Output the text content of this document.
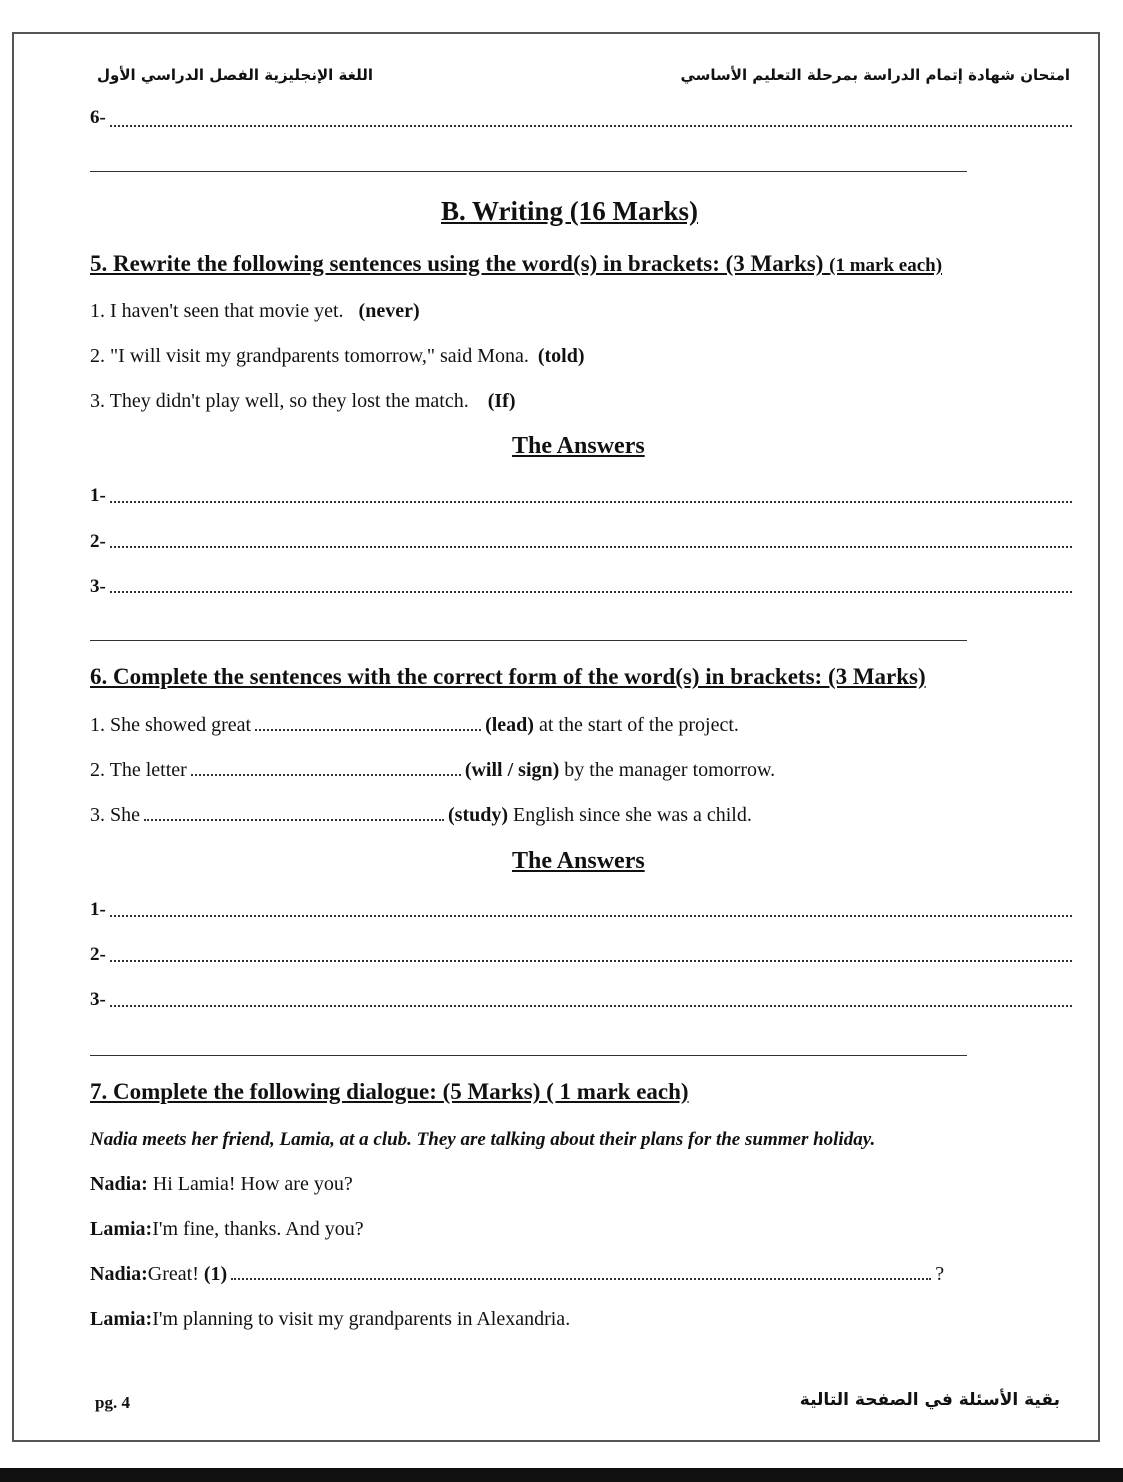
اللغة الإنجليزية الفصل الدراسي الأول	امتحان شهادة إتمام الدراسة بمرحلة التعليم الأساسي
6-
B. Writing (16 Marks)
5. Rewrite the following sentences using the word(s) in brackets: (3 Marks) (1 mark each)
1. I haven't seen that movie yet. (never)
2. "I will visit my grandparents tomorrow," said Mona. (told)
3. They didn't play well, so they lost the match. (If)
The Answers
1-
2-
3-
6. Complete the sentences with the correct form of the word(s) in brackets: (3 Marks)
1. She showed great	(lead) at the start of the project.
2. The letter	(will / sign) by the manager tomorrow.
3. She	(study) English since she was a child.
The Answers
1-
2-
3-
7. Complete the following dialogue: (5 Marks) ( 1 mark each)
Nadia meets her friend, Lamia, at a club. They are talking about their plans for the summer holiday.
Nadia: Hi Lamia! How are you?
Lamia:I'm fine, thanks. And you?
Nadia:Great! (1)	?
Lamia:I'm planning to visit my grandparents in Alexandria.
pg. 4	بقية الأسئلة في الصفحة التالية
